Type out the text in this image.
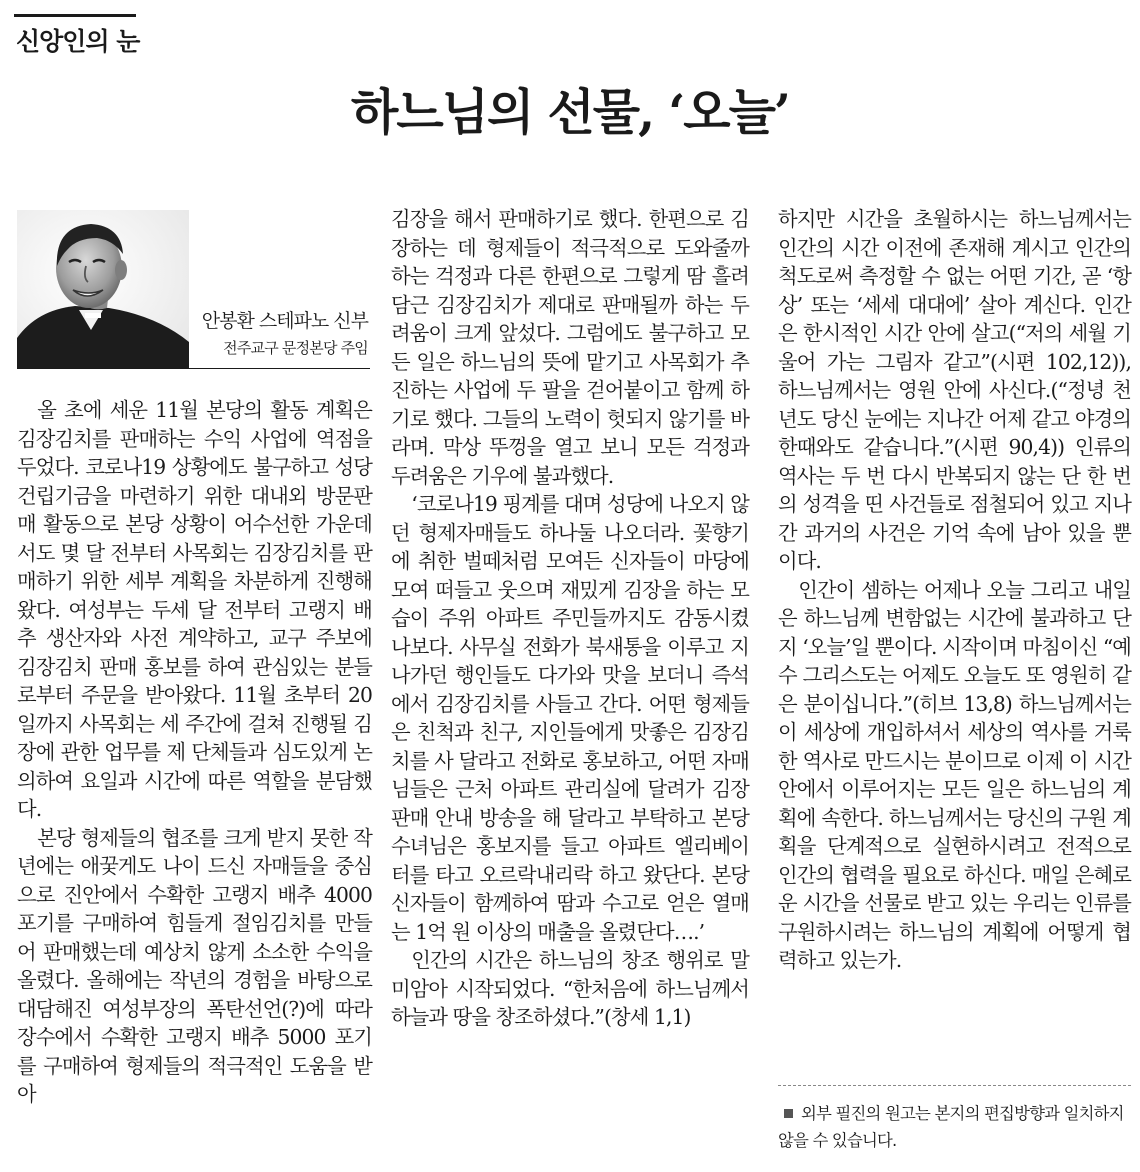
신앙인의 눈
하느님의 선물, ‘오늘’
안봉환 스테파노 신부
전주교구 문정본당 주임

올 초에 세운 11월 본당의 활동 계획은 김장김치를 판매하는 수익 사업에 역점을 두었다. 코로나19 상황에도 불구하고 성당 건립기금을 마련하기 위한 대내외 방문판매 활동으로 본당 상황이 어수선한 가운데서도 몇 달 전부터 사목회는 김장김치를 판매하기 위한 세부 계획을 차분하게 진행해왔다. 여성부는 두세 달 전부터 고랭지 배추 생산자와 사전 계약하고, 교구 주보에 김장김치 판매 홍보를 하여 관심있는 분들로부터 주문을 받아왔다. 11월 초부터 20일까지 사목회는 세 주간에 걸쳐 진행될 김장에 관한 업무를 제 단체들과 심도있게 논의하여 요일과 시간에 따른 역할을 분담했다.

본당 형제들의 협조를 크게 받지 못한 작년에는 애꿎게도 나이 드신 자매들을 중심으로 진안에서 수확한 고랭지 배추 4000포기를 구매하여 힘들게 절임김치를 만들어 판매했는데 예상치 않게 소소한 수익을 올렸다. 올해에는 작년의 경험을 바탕으로 대담해진 여성부장의 폭탄선언(?)에 따라 장수에서 수확한 고랭지 배추 5000 포기를 구매하여 형제들의 적극적인 도움을 받아

김장을 해서 판매하기로 했다. 한편으로 김장하는 데 형제들이 적극적으로 도와줄까 하는 걱정과 다른 한편으로 그렇게 땀 흘려 담근 김장김치가 제대로 판매될까 하는 두려움이 크게 앞섰다. 그럼에도 불구하고 모든 일은 하느님의 뜻에 맡기고 사목회가 추진하는 사업에 두 팔을 걷어붙이고 함께 하기로 했다. 그들의 노력이 헛되지 않기를 바라며. 막상 뚜껑을 열고 보니 모든 걱정과 두려움은 기우에 불과했다.

‘코로나19 핑계를 대며 성당에 나오지 않던 형제자매들도 하나둘 나오더라. 꽃향기에 취한 벌떼처럼 모여든 신자들이 마당에 모여 떠들고 웃으며 재밌게 김장을 하는 모습이 주위 아파트 주민들까지도 감동시켰나보다. 사무실 전화가 북새통을 이루고 지나가던 행인들도 다가와 맛을 보더니 즉석에서 김장김치를 사들고 간다. 어떤 형제들은 친척과 친구, 지인들에게 맛좋은 김장김치를 사 달라고 전화로 홍보하고, 어떤 자매님들은 근처 아파트 관리실에 달려가 김장 판매 안내 방송을 해 달라고 부탁하고 본당 수녀님은 홍보지를 들고 아파트 엘리베이터를 타고 오르락내리락 하고 왔단다. 본당 신자들이 함께하여 땀과 수고로 얻은 열매는 1억 원 이상의 매출을 올렸단다….’

인간의 시간은 하느님의 창조 행위로 말미암아 시작되었다. “한처음에 하느님께서 하늘과 땅을 창조하셨다.”(창세 1,1)

하지만 시간을 초월하시는 하느님께서는 인간의 시간 이전에 존재해 계시고 인간의 척도로써 측정할 수 없는 어떤 기간, 곧 ‘항상’ 또는 ‘세세 대대에’ 살아 계신다. 인간은 한시적인 시간 안에 살고(“저의 세월 기울어 가는 그림자 같고”(시편 102,12)), 하느님께서는 영원 안에 사신다.(“정녕 천 년도 당신 눈에는 지나간 어제 같고 야경의 한때와도 같습니다.”(시편 90,4)) 인류의 역사는 두 번 다시 반복되지 않는 단 한 번의 성격을 띤 사건들로 점철되어 있고 지나간 과거의 사건은 기억 속에 남아 있을 뿐이다.

인간이 셈하는 어제나 오늘 그리고 내일은 하느님께 변함없는 시간에 불과하고 단지 ‘오늘’일 뿐이다. 시작이며 마침이신 “예수 그리스도는 어제도 오늘도 또 영원히 같은 분이십니다.”(히브 13,8) 하느님께서는 이 세상에 개입하셔서 세상의 역사를 거룩한 역사로 만드시는 분이므로 이제 이 시간 안에서 이루어지는 모든 일은 하느님의 계획에 속한다. 하느님께서는 당신의 구원 계획을 단계적으로 실현하시려고 전적으로 인간의 협력을 필요로 하신다. 매일 은혜로운 시간을 선물로 받고 있는 우리는 인류를 구원하시려는 하느님의 계획에 어떻게 협력하고 있는가.

외부 필진의 원고는 본지의 편집방향과 일치하지 않을 수 있습니다.
